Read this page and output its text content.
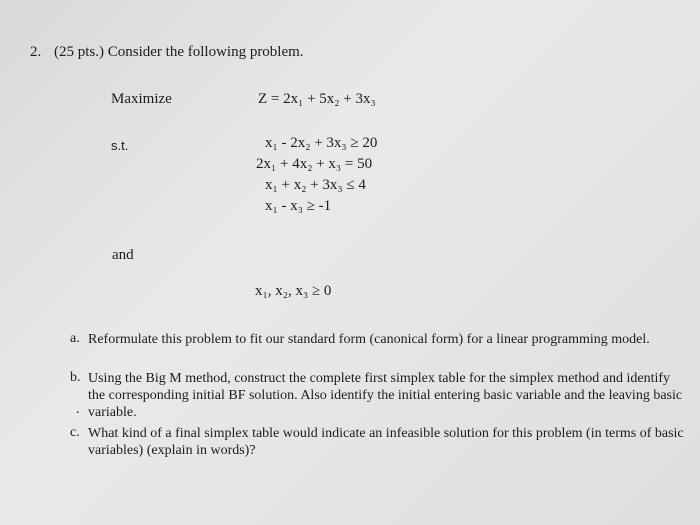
2. (25 pts.) Consider the following problem.
Maximize	Z = 2x₁ + 5x₂ + 3x₃
s.t.	x₁ - 2x₂ + 3x₃ ≥ 20
2x₁ + 4x₂ + x₃ = 50
x₁ + x₂ + 3x₃ ≤ 4
x₁ - x₃ ≥ -1
and
x₁, x₂, x₃ ≥ 0
a. Reformulate this problem to fit our standard form (canonical form) for a linear programming model.
b. Using the Big M method, construct the complete first simplex table for the simplex method and identify the corresponding initial BF solution. Also identify the initial entering basic variable and the leaving basic variable.
.
c. What kind of a final simplex table would indicate an infeasible solution for this problem (in terms of basic variables) (explain in words)?
